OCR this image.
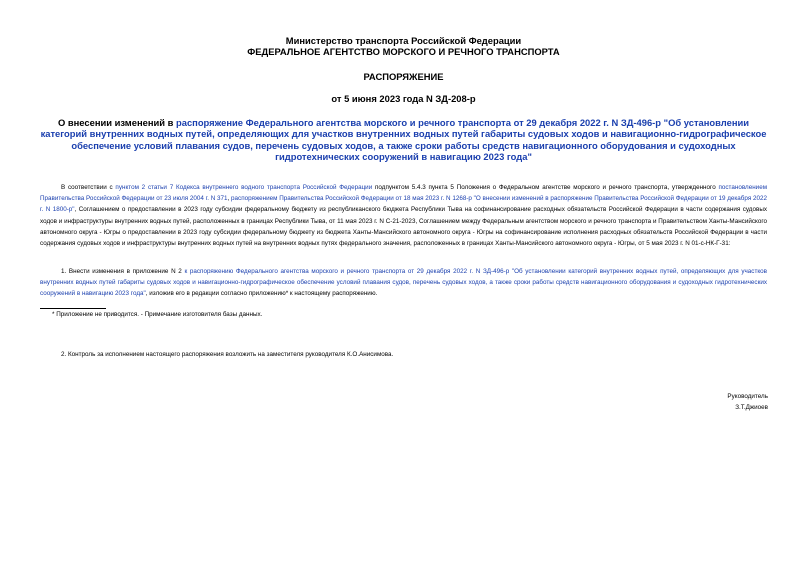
Министерство транспорта Российской Федерации
ФЕДЕРАЛЬНОЕ АГЕНТСТВО МОРСКОГО И РЕЧНОГО ТРАНСПОРТА
РАСПОРЯЖЕНИЕ
от 5 июня 2023 года N ЗД-208-р
О внесении изменений в распоряжение Федерального агентства морского и речного транспорта от 29 декабря 2022 г. N ЗД-496-р "Об установлении категорий внутренних водных путей, определяющих для участков внутренних водных путей габариты судовых ходов и навигационно-гидрографическое обеспечение условий плавания судов, перечень судовых ходов, а также сроки работы средств навигационного оборудования и судоходных гидротехнических сооружений в навигацию 2023 года"
В соответствии с пунктом 2 статьи 7 Кодекса внутреннего водного транспорта Российской Федерации подпунктом 5.4.3 пункта 5 Положения о Федеральном агентстве морского и речного транспорта, утвержденного постановлением Правительства Российской Федерации от 23 июля 2004 г. N 371, распоряжением Правительства Российской Федерации от 18 мая 2023 г. N 1268-р "О внесении изменений в распоряжение Правительства Российской Федерации от 19 декабря 2022 г. N 1800-р", Соглашением о предоставлении в 2023 году субсидии федеральному бюджету из республиканского бюджета Республики Тыва на софинансирование расходных обязательств Российской Федерации в части содержания судовых ходов и инфраструктуры внутренних водных путей, расположенных в границах Республики Тыва, от 11 мая 2023 г. N С-21-2023, Соглашением между Федеральным агентством морского и речного транспорта и Правительством Ханты-Мансийского автономного округа - Югры о предоставлении в 2023 году субсидии федеральному бюджету из бюджета Ханты-Мансийского автономного округа - Югры на софинансирование исполнения расходных обязательств Российской Федерации в части содержания судовых ходов и инфраструктуры внутренних водных путей на внутренних водных путях федерального значения, расположенных в границах Ханты-Мансийского автономного округа - Югры, от 5 мая 2023 г. N 01-с-НК-Г-31:
1. Внести изменения в приложение N 2 к распоряжению Федерального агентства морского и речного транспорта от 29 декабря 2022 г. N ЗД-496-р "Об установлении категорий внутренних водных путей, определяющих для участков внутренних водных путей габариты судовых ходов и навигационно-гидрографическое обеспечение условий плавания судов, перечень судовых ходов, а также сроки работы средств навигационного оборудования и судоходных гидротехнических сооружений в навигацию 2023 года", изложив его в редакции согласно приложению* к настоящему распоряжению.
* Приложение не приводится. - Примечание изготовителя базы данных.
2. Контроль за исполнением настоящего распоряжения возложить на заместителя руководителя К.О.Анисимова.
Руководитель
З.Т.Джиоев
